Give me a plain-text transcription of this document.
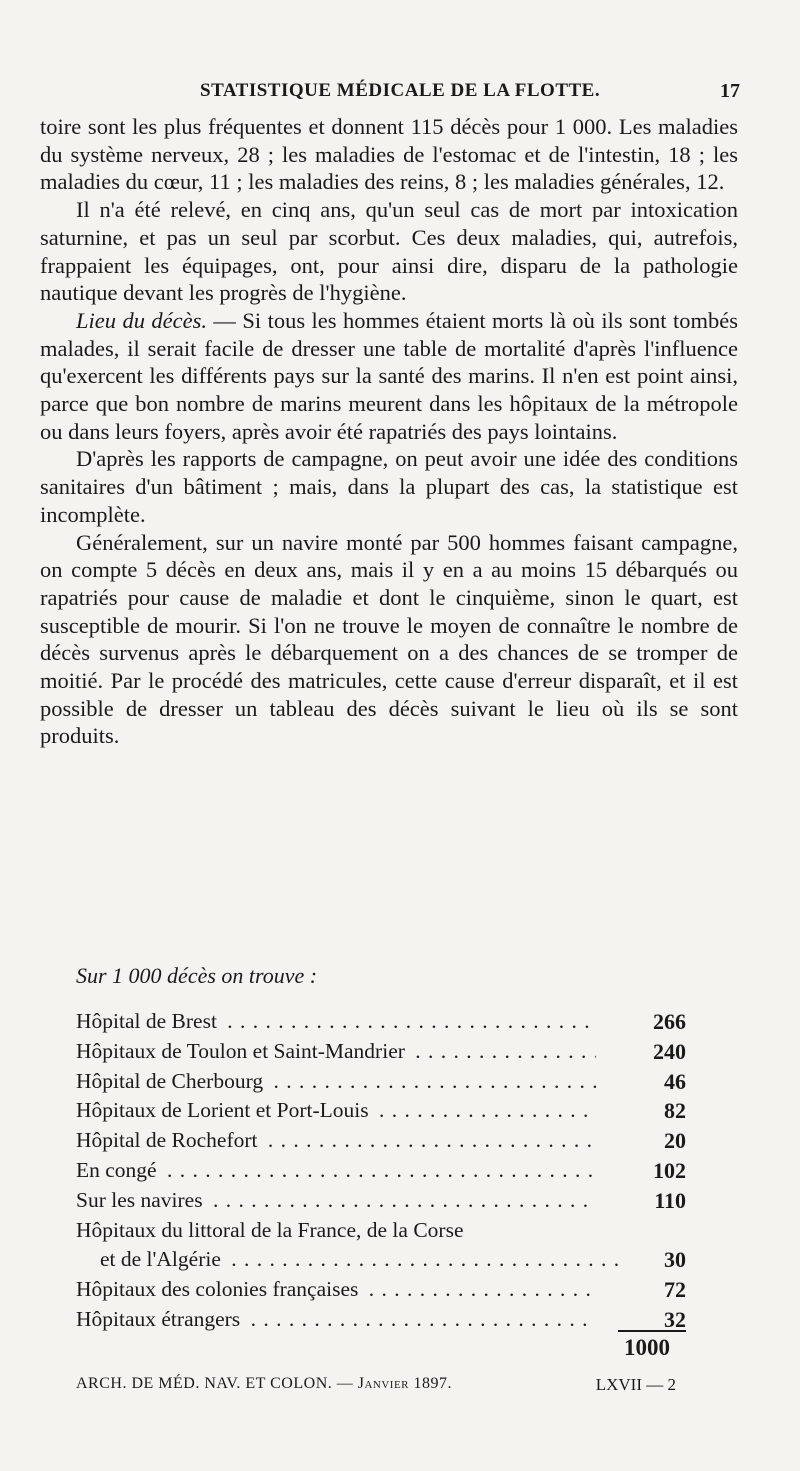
STATISTIQUE MÉDICALE DE LA FLOTTE.	17

toire sont les plus fréquentes et donnent 115 décès pour 1 000. Les maladies du système nerveux, 28 ; les maladies de l'estomac et de l'intestin, 18 ; les maladies du cœur, 11 ; les maladies des reins, 8 ; les maladies générales, 12.

Il n'a été relevé, en cinq ans, qu'un seul cas de mort par intoxication saturnine, et pas un seul par scorbut. Ces deux maladies, qui, autrefois, frappaient les équipages, ont, pour ainsi dire, disparu de la pathologie nautique devant les progrès de l'hygiène.

Lieu du décès. — Si tous les hommes étaient morts là où ils sont tombés malades, il serait facile de dresser une table de mortalité d'après l'influence qu'exercent les différents pays sur la santé des marins. Il n'en est point ainsi, parce que bon nombre de marins meurent dans les hôpitaux de la métropole ou dans leurs foyers, après avoir été rapatriés des pays lointains.

D'après les rapports de campagne, on peut avoir une idée des conditions sanitaires d'un bâtiment ; mais, dans la plupart des cas, la statistique est incomplète.

Généralement, sur un navire monté par 500 hommes faisant campagne, on compte 5 décès en deux ans, mais il y en a au moins 15 débarqués ou rapatriés pour cause de maladie et dont le cinquième, sinon le quart, est susceptible de mourir. Si l'on ne trouve le moyen de connaître le nombre de décès survenus après le débarquement on a des chances de se tromper de moitié. Par le procédé des matricules, cette cause d'erreur disparaît, et il est possible de dresser un tableau des décès suivant le lieu où ils se sont produits.

Sur 1 000 décès on trouve :
Hôpital de Brest . . .	266
Hôpitaux de Toulon et Saint-Mandrier . . .	240
Hôpital de Cherbourg . . .	46
Hôpitaux de Lorient et Port-Louis . . .	82
Hôpital de Rochefort . . .	20
En congé . . .	102
Sur les navires . . .	110
Hôpitaux du littoral de la France, de la Corse
et de l'Algérie . . .	30
Hôpitaux des colonies françaises . . .	72
Hôpitaux étrangers . . .	32
1000
ARCH. DE MÉD. NAV. ET COLON. — Janvier 1897.	LXVII — 2
